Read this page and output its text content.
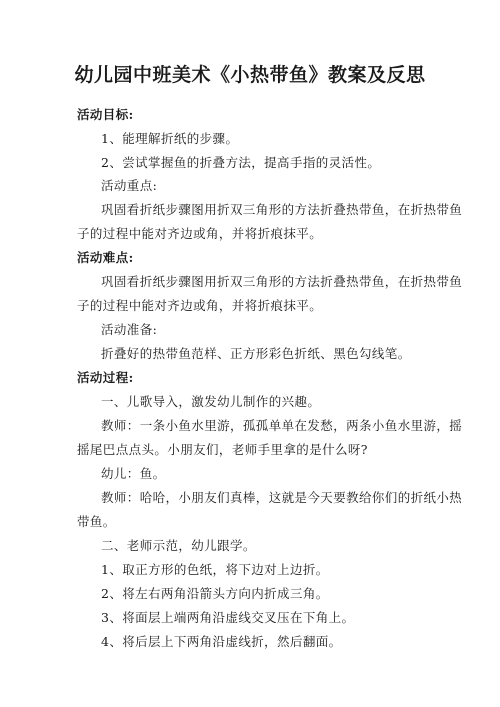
幼儿园中班美术《小热带鱼》教案及反思
活动目标:
1、能理解折纸的步骤。
2、尝试掌握鱼的折叠方法，提高手指的灵活性。
活动重点:
巩固看折纸步骤图用折双三角形的方法折叠热带鱼，在折热带鱼
子的过程中能对齐边或角，并将折痕抹平。
活动难点:
巩固看折纸步骤图用折双三角形的方法折叠热带鱼，在折热带鱼
子的过程中能对齐边或角，并将折痕抹平。
活动准备:
折叠好的热带鱼范样、正方形彩色折纸、黑色勾线笔。
活动过程:
一、儿歌导入，激发幼儿制作的兴趣。
教师：一条小鱼水里游，孤孤单单在发愁，两条小鱼水里游，摇
摇尾巴点点头。小朋友们，老师手里拿的是什么呀?
幼儿：鱼。
教师：哈哈，小朋友们真棒，这就是今天要教给你们的折纸小热
带鱼。
二、老师示范，幼儿跟学。
1、取正方形的色纸，将下边对上边折。
2、将左右两角沿箭头方向内折成三角。
3、将面层上端两角沿虚线交叉压在下角上。
4、将后层上下两角沿虚线折，然后翻面。
